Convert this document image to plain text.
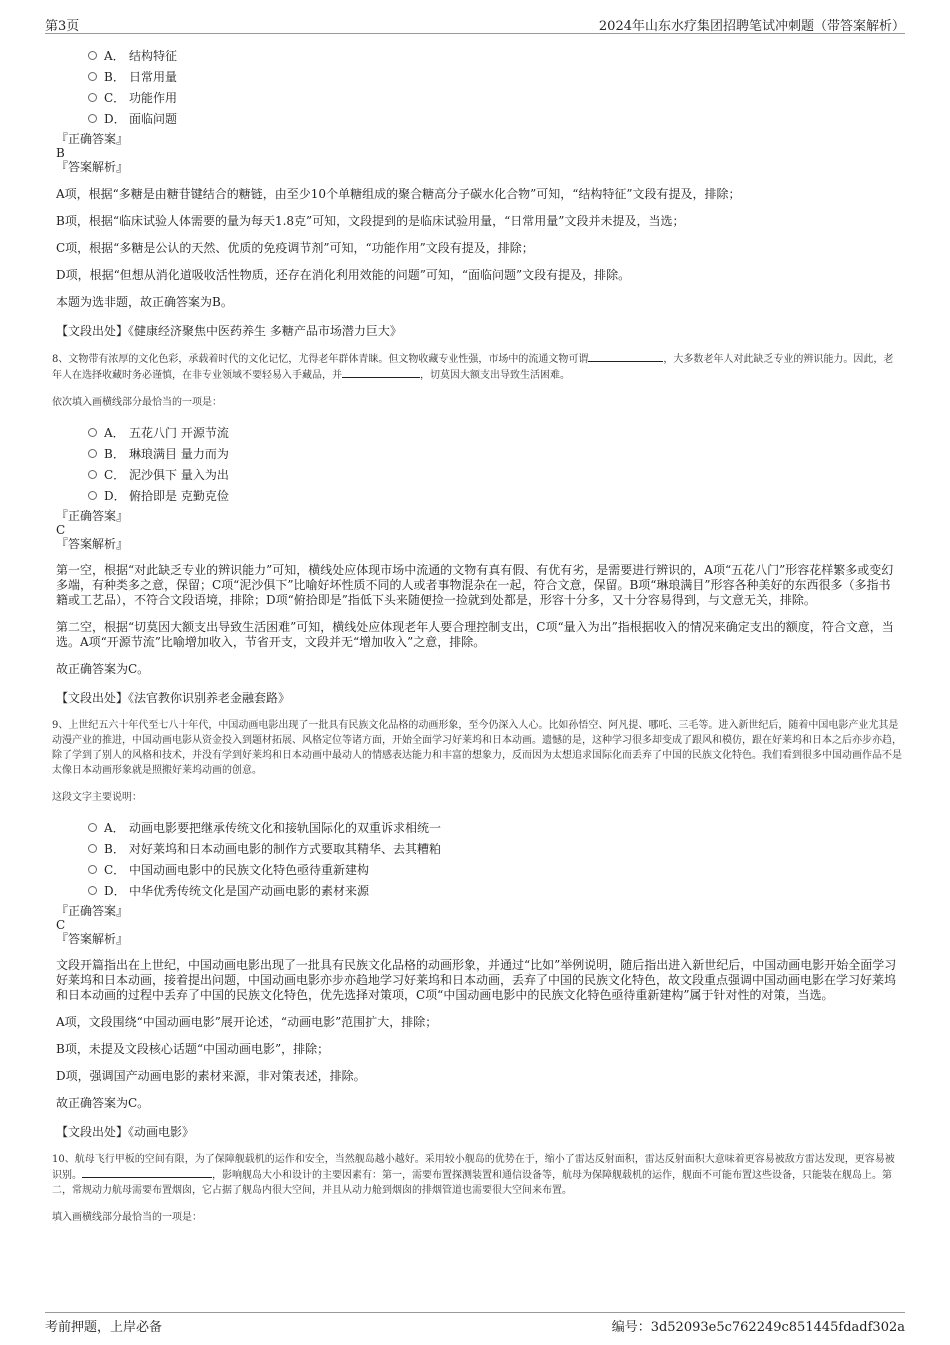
第3页	2024年山东水疗集团招聘笔试冲刺题（带答案解析）
A． 结构特征
B． 日常用量
C． 功能作用
D． 面临问题
『正确答案』
B
『答案解析』

A项，根据“多糖是由糖苷键结合的糖链，由至少10个单糖组成的聚合糖高分子碳水化合物”可知，“结构特征”文段有提及，排除；

B项，根据“临床试验人体需要的量为每天1.8克”可知，文段提到的是临床试验用量，“日常用量”文段并未提及，当选；

C项，根据“多糖是公认的天然、优质的免疫调节剂”可知，“功能作用”文段有提及，排除；

D项，根据“但想从消化道吸收活性物质，还存在消化利用效能的问题”可知，“面临问题”文段有提及，排除。

本题为选非题，故正确答案为B。

【文段出处】《健康经济聚焦中医药养生 多糖产品市场潜力巨大》

8、文物带有浓厚的文化色彩，承载着时代的文化记忆，尤得老年群体青睐。但文物收藏专业性强，市场中的流通文物可谓	，大多数老年人对此缺乏专业的辨识能力。因此，老年人在选择收藏时务必谨慎，在非专业领域不要轻易入手藏品，并	，切莫因大额支出导致生活困难。

依次填入画横线部分最恰当的一项是：

A． 五花八门 开源节流
B． 琳琅满目 量力而为
C． 泥沙俱下 量入为出
D． 俯拾即是 克勤克俭
『正确答案』
C
『答案解析』

第一空，根据“对此缺乏专业的辨识能力”可知，横线处应体现市场中流通的文物有真有假、有优有劣，是需要进行辨识的，A项“五花八门”形容花样繁多或变幻多端，有种类多之意，保留；C项“泥沙俱下”比喻好坏性质不同的人或者事物混杂在一起，符合文意，保留。B项“琳琅满目”形容各种美好的东西很多（多指书籍或工艺品），不符合文段语境，排除；D项“俯拾即是”指低下头来随便捡一捡就到处都是，形容十分多，又十分容易得到，与文意无关，排除。

第二空，根据“切莫因大额支出导致生活困难”可知，横线处应体现老年人要合理控制支出，C项“量入为出”指根据收入的情况来确定支出的额度，符合文意，当选。A项“开源节流”比喻增加收入，节省开支，文段并无“增加收入”之意，排除。

故正确答案为C。

【文段出处】《法官教你识别养老金融套路》

9、上世纪五六十年代至七八十年代，中国动画电影出现了一批具有民族文化品格的动画形象，至今仍深入人心。比如孙悟空、阿凡提、哪吒、三毛等。进入新世纪后，随着中国电影产业尤其是动漫产业的推进，中国动画电影从资金投入到题材拓展、风格定位等诸方面，开始全面学习好莱坞和日本动画。遗憾的是，这种学习很多却变成了跟风和模仿，跟在好莱坞和日本之后亦步亦趋，除了学到了别人的风格和技术，并没有学到好莱坞和日本动画中最动人的情感表达能力和丰富的想象力，反而因为太想追求国际化而丢弃了中国的民族文化特色。我们看到很多中国动画作品不是太像日本动画形象就是照搬好莱坞动画的创意。

这段文字主要说明：

A． 动画电影要把继承传统文化和接轨国际化的双重诉求相统一
B． 对好莱坞和日本动画电影的制作方式要取其精华、去其糟粕
C． 中国动画电影中的民族文化特色亟待重新建构
D． 中华优秀传统文化是国产动画电影的素材来源
『正确答案』
C
『答案解析』

文段开篇指出在上世纪，中国动画电影出现了一批具有民族文化品格的动画形象，并通过“比如”举例说明，随后指出进入新世纪后，中国动画电影开始全面学习好莱坞和日本动画，接着提出问题，中国动画电影亦步亦趋地学习好莱坞和日本动画，丢弃了中国的民族文化特色，故文段重点强调中国动画电影在学习好莱坞和日本动画的过程中丢弃了中国的民族文化特色，优先选择对策项，C项“中国动画电影中的民族文化特色亟待重新建构”属于针对性的对策，当选。

A项，文段围绕“中国动画电影”展开论述，“动画电影”范围扩大，排除；

B项，未提及文段核心话题“中国动画电影”，排除；

D项，强调国产动画电影的素材来源，非对策表述，排除。

故正确答案为C。

【文段出处】《动画电影》

10、航母飞行甲板的空间有限，为了保障舰载机的运作和安全，当然舰岛越小越好。采用较小舰岛的优势在于，缩小了雷达反射面积，雷达反射面积大意味着更容易被敌方雷达发现，更容易被识别。	，影响舰岛大小和设计的主要因素有：第一，需要布置探测装置和通信设备等，航母为保障舰载机的运作，舰面不可能布置这些设备，只能装在舰岛上。第二，常规动力航母需要布置烟囱，它占据了舰岛内很大空间，并且从动力舱到烟囱的排烟管道也需要很大空间来布置。

填入画横线部分最恰当的一项是：

考前押题，上岸必备	编号：3d52093e5c762249c851445fdadf302a
